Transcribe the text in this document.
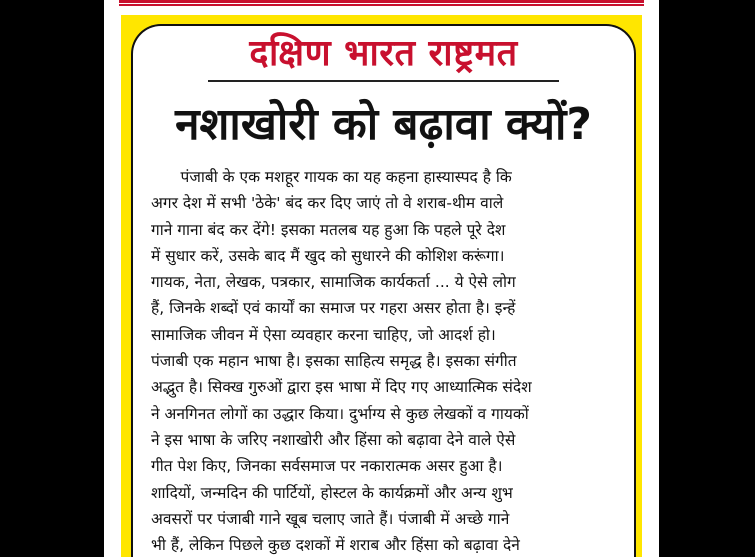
दक्षिण भारत राष्ट्रमत
नशाखोरी को बढ़ावा क्यों?
पंजाबी के एक मशहूर गायक का यह कहना हास्यास्पद है कि
अगर देश में सभी 'ठेके' बंद कर दिए जाएं तो वे शराब-थीम वाले
गाने गाना बंद कर देंगे! इसका मतलब यह हुआ कि पहले पूरे देश
में सुधार करें, उसके बाद मैं खुद को सुधारने की कोशिश करूंगा।
गायक, नेता, लेखक, पत्रकार, सामाजिक कार्यकर्ता ... ये ऐसे लोग
हैं, जिनके शब्दों एवं कार्यों का समाज पर गहरा असर होता है। इन्हें
सामाजिक जीवन में ऐसा व्यवहार करना चाहिए, जो आदर्श हो।
पंजाबी एक महान भाषा है। इसका साहित्य समृद्ध है। इसका संगीत
अद्भुत है। सिक्ख गुरुओं द्वारा इस भाषा में दिए गए आध्यात्मिक संदेश
ने अनगिनत लोगों का उद्धार किया। दुर्भाग्य से कुछ लेखकों व गायकों
ने इस भाषा के जरिए नशाखोरी और हिंसा को बढ़ावा देने वाले ऐसे
गीत पेश किए, जिनका सर्वसमाज पर नकारात्मक असर हुआ है।
शादियों, जन्मदिन की पार्टियों, होस्टल के कार्यक्रमों और अन्य शुभ
अवसरों पर पंजाबी गाने खूब चलाए जाते हैं। पंजाबी में अच्छे गाने
भी हैं, लेकिन पिछले कुछ दशकों में शराब और हिंसा को बढ़ावा देने
